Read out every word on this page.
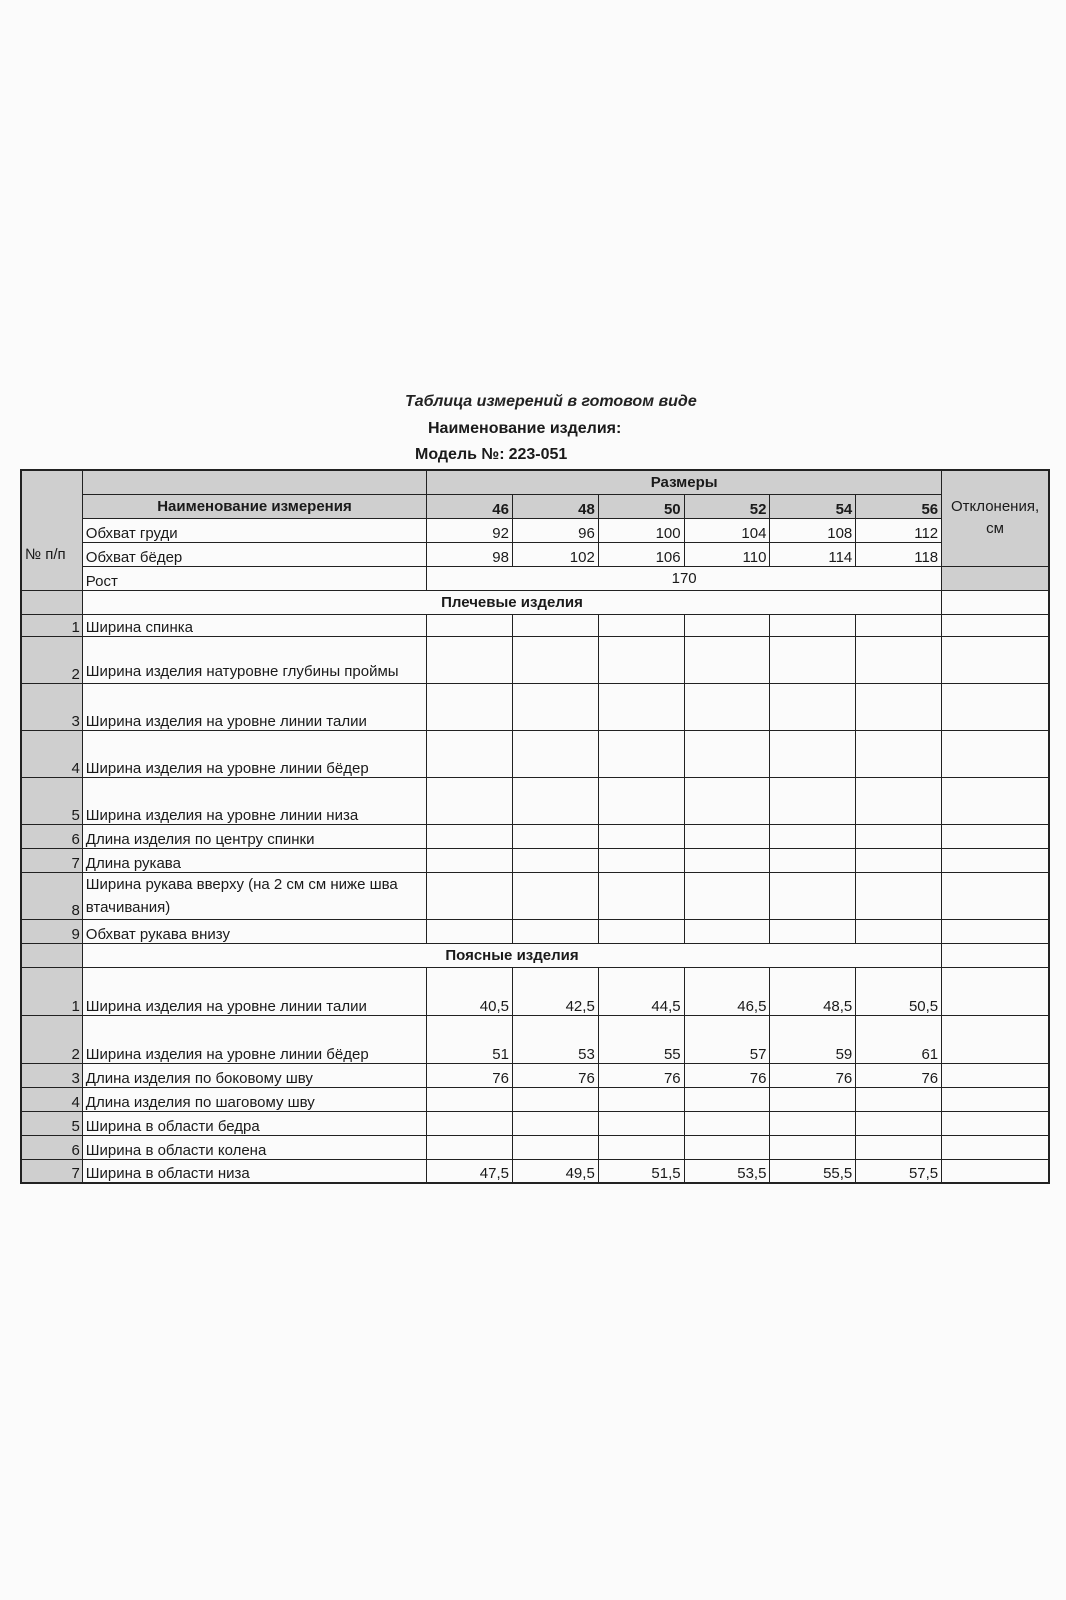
Таблица измерений в готовом виде
Наименование изделия:
Модель №: 223-051
№ п/п		Размеры						Отклонения, см
	Наименование измерения	46	48	50	52	54	56	
	Обхват груди	92	96	100	104	108	112	
	Обхват бёдер	98	102	106	110	114	118	
	Рост	170						
	Плечевые изделия							
1	Ширина спинка							
2	Ширина изделия натуровне глубины проймы							
3	Ширина изделия на уровне линии талии							
4	Ширина изделия на уровне линии бёдер							
5	Ширина изделия на уровне линии низа							
6	Длина изделия по центру спинки							
7	Длина рукава							
8	Ширина рукава вверху (на 2 см см ниже шва втачивания)							
9	Обхват рукава внизу							
	Поясные изделия							
1	Ширина изделия на уровне линии талии	40,5	42,5	44,5	46,5	48,5	50,5	
2	Ширина изделия на уровне линии бёдер	51	53	55	57	59	61	
3	Длина изделия по боковому шву	76	76	76	76	76	76	
4	Длина изделия по шаговому шву							
5	Ширина в области бедра							
6	Ширина в области колена							
7	Ширина в области низа	47,5	49,5	51,5	53,5	55,5	57,5	
